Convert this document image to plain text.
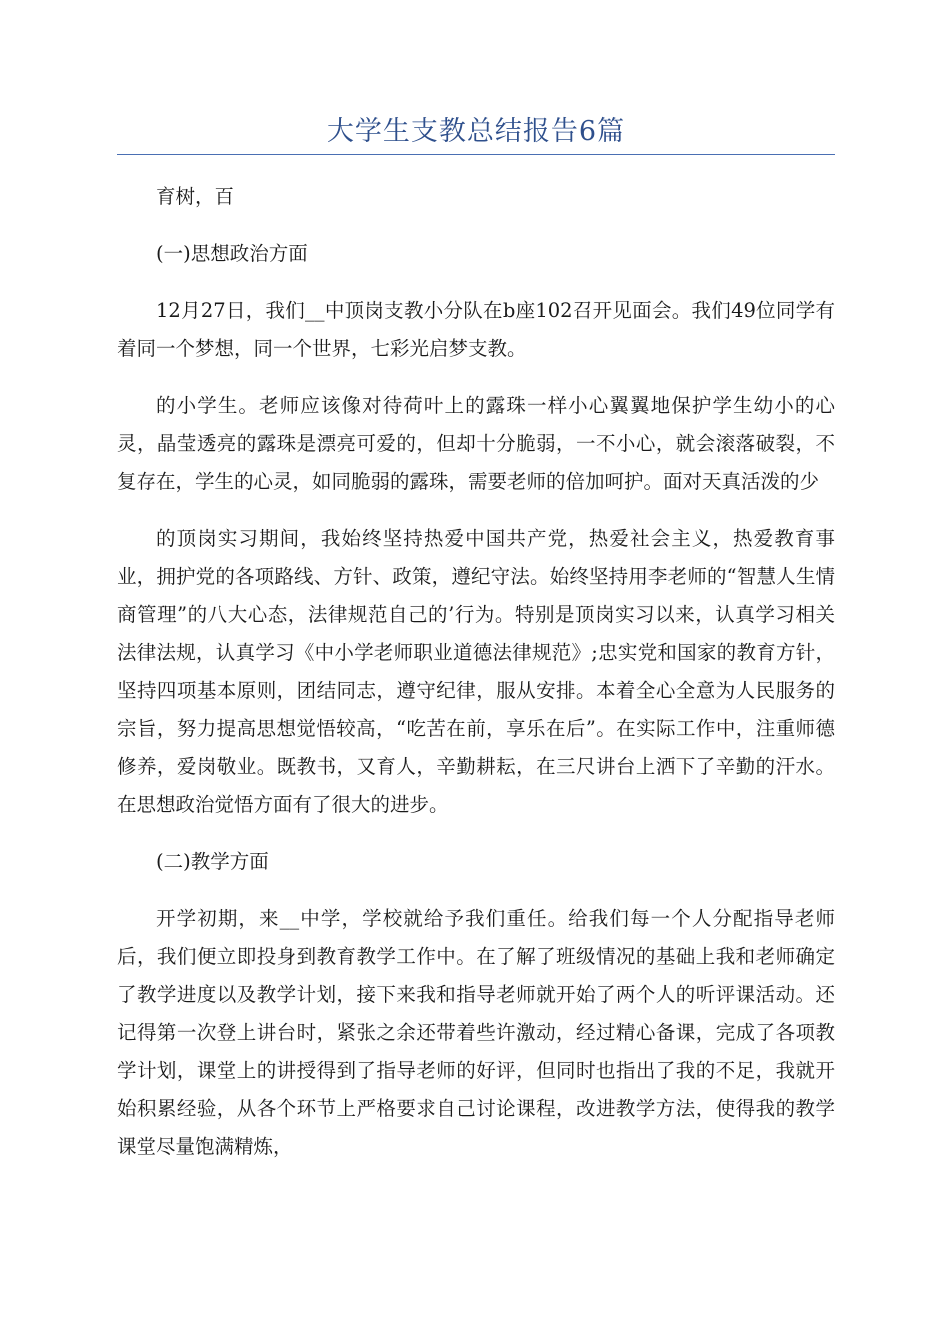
大学生支教总结报告6篇

育树，百

(一)思想政治方面

12月27日，我们__中顶岗支教小分队在b座102召开见面会。我们49位同学有着同一个梦想，同一个世界，七彩光启梦支教。

的小学生。老师应该像对待荷叶上的露珠一样小心翼翼地保护学生幼小的心灵，晶莹透亮的露珠是漂亮可爱的，但却十分脆弱，一不小心，就会滚落破裂，不复存在，学生的心灵，如同脆弱的露珠，需要老师的倍加呵护。面对天真活泼的少

的顶岗实习期间，我始终坚持热爱中国共产党，热爱社会主义，热爱教育事业，拥护党的各项路线、方针、政策，遵纪守法。始终坚持用李老师的“智慧人生情商管理”的八大心态，法律规范自己的’行为。特别是顶岗实习以来，认真学习相关法律法规，认真学习《中小学老师职业道德法律规范》;忠实党和国家的教育方针，坚持四项基本原则，团结同志，遵守纪律，服从安排。本着全心全意为人民服务的宗旨，努力提高思想觉悟较高，“吃苦在前，享乐在后”。在实际工作中，注重师德修养，爱岗敬业。既教书，又育人，辛勤耕耘，在三尺讲台上洒下了辛勤的汗水。在思想政治觉悟方面有了很大的进步。

(二)教学方面

开学初期，来__中学，学校就给予我们重任。给我们每一个人分配指导老师后，我们便立即投身到教育教学工作中。在了解了班级情况的基础上我和老师确定了教学进度以及教学计划，接下来我和指导老师就开始了两个人的听评课活动。还记得第一次登上讲台时，紧张之余还带着些许激动，经过精心备课，完成了各项教学计划，课堂上的讲授得到了指导老师的好评，但同时也指出了我的不足，我就开始积累经验，从各个环节上严格要求自己讨论课程，改进教学方法，使得我的教学课堂尽量饱满精炼，
